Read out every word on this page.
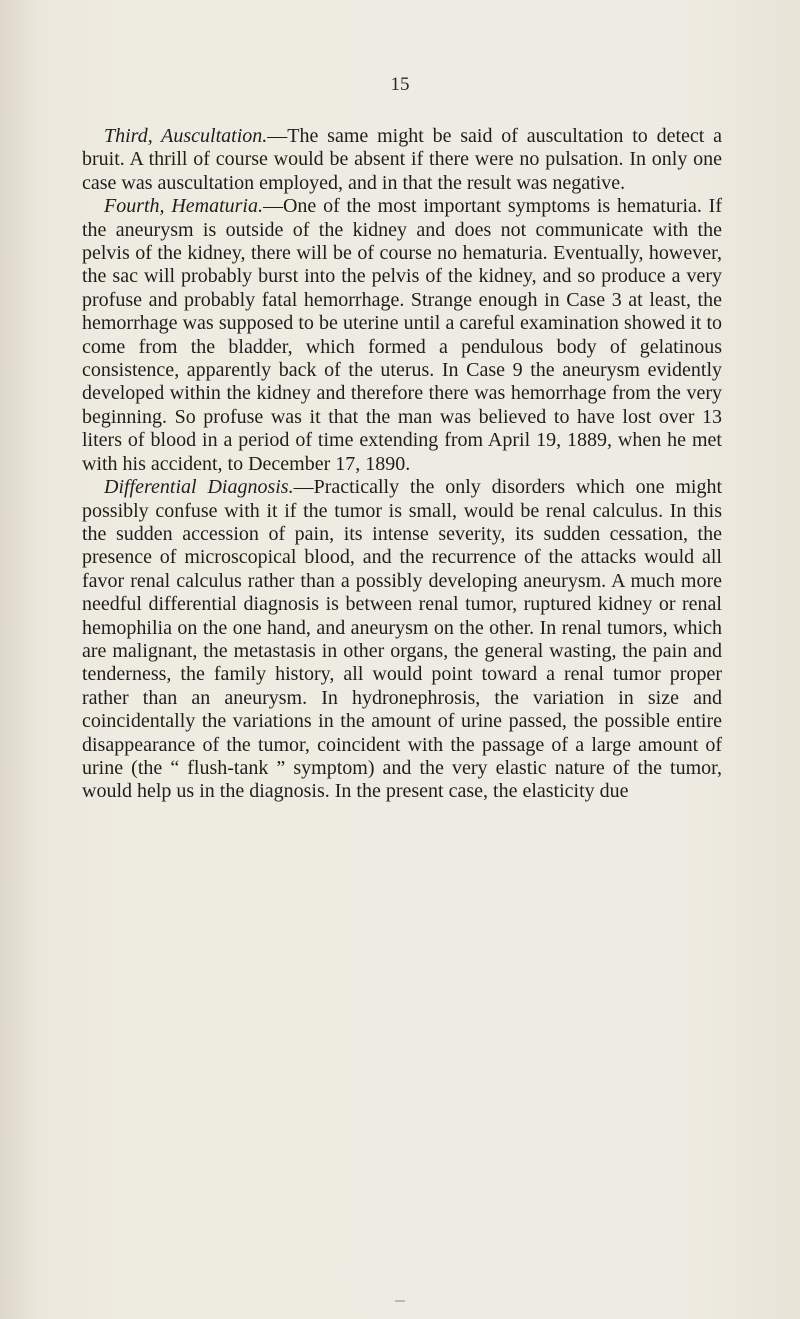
15

Third, Auscultation.—The same might be said of auscultation to detect a bruit. A thrill of course would be absent if there were no pulsation. In only one case was auscultation employed, and in that the result was negative.

Fourth, Hematuria.—One of the most important symptoms is hematuria. If the aneurysm is outside of the kidney and does not communicate with the pelvis of the kidney, there will be of course no hematuria. Eventually, however, the sac will probably burst into the pelvis of the kidney, and so produce a very profuse and probably fatal hemorrhage. Strange enough in Case 3 at least, the hemorrhage was supposed to be uterine until a careful examination showed it to come from the bladder, which formed a pendulous body of gelatinous consistence, apparently back of the uterus. In Case 9 the aneurysm evidently developed within the kidney and therefore there was hemorrhage from the very beginning. So profuse was it that the man was believed to have lost over 13 liters of blood in a period of time extending from April 19, 1889, when he met with his accident, to December 17, 1890.

Differential Diagnosis.—Practically the only disorders which one might possibly confuse with it if the tumor is small, would be renal calculus. In this the sudden accession of pain, its intense severity, its sudden cessation, the presence of microscopical blood, and the recurrence of the attacks would all favor renal calculus rather than a possibly developing aneurysm. A much more needful differential diagnosis is between renal tumor, ruptured kidney or renal hemophilia on the one hand, and aneurysm on the other. In renal tumors, which are malignant, the metastasis in other organs, the general wasting, the pain and tenderness, the family history, all would point toward a renal tumor proper rather than an aneurysm. In hydronephrosis, the variation in size and coincidentally the variations in the amount of urine passed, the possible entire disappearance of the tumor, coincident with the passage of a large amount of urine (the “ flush-tank ” symptom) and the very elastic nature of the tumor, would help us in the diagnosis. In the present case, the elasticity due
